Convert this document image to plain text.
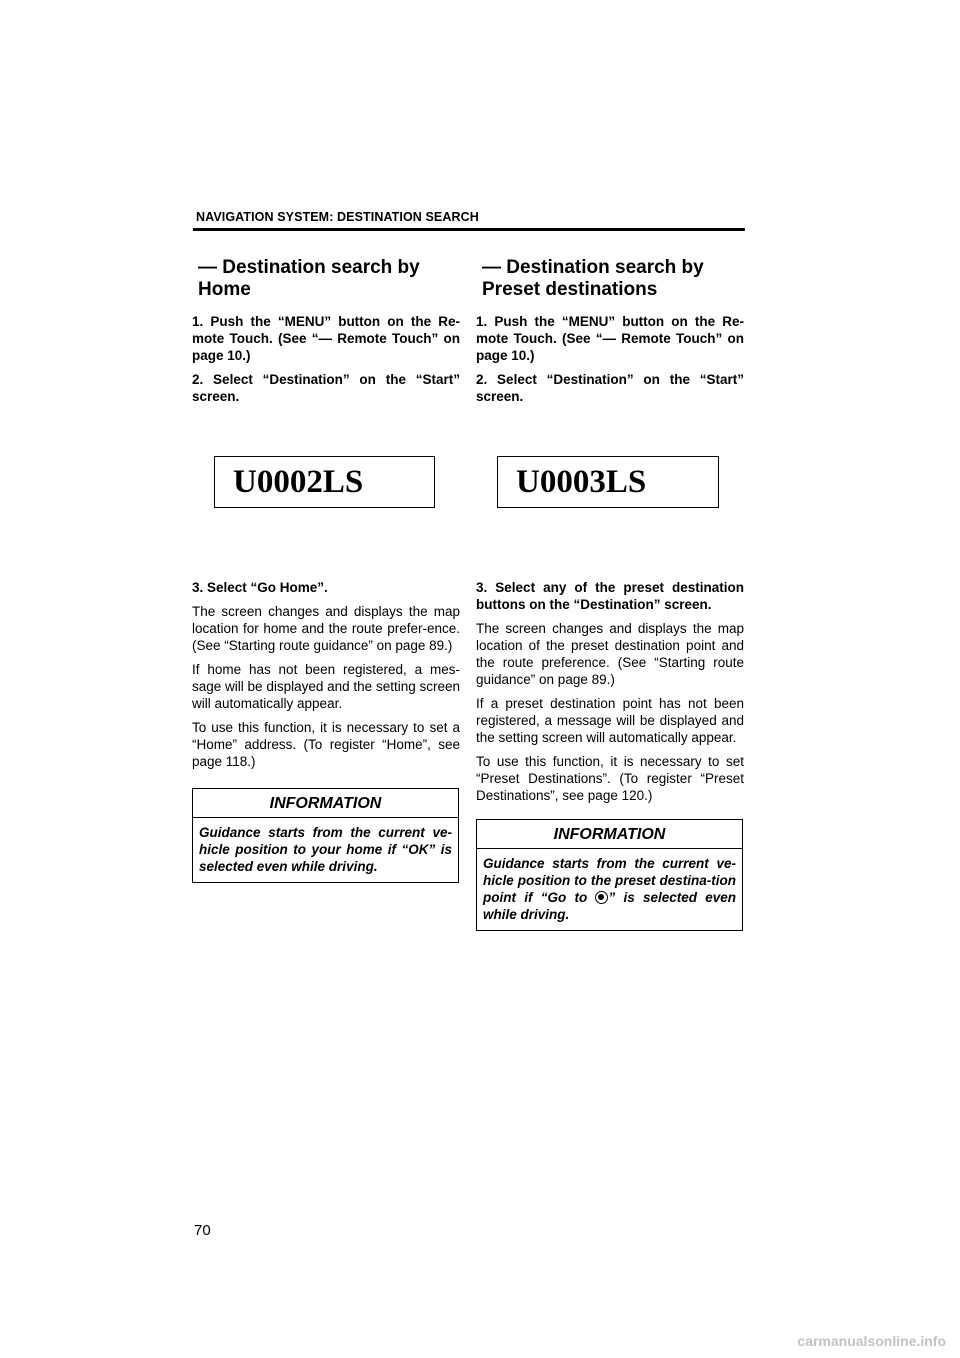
NAVIGATION SYSTEM: DESTINATION SEARCH

— Destination search by

Home

1. Push the “MENU” button on the Re-mote Touch. (See “— Remote Touch” on page 10.)

2. Select “Destination” on the “Start” screen.

U0002LS

3. Select “Go Home”.

The screen changes and displays the map location for home and the route prefer-ence. (See “Starting route guidance” on page 89.)

If home has not been registered, a mes-sage will be displayed and the setting screen will automatically appear.

To use this function, it is necessary to set a “Home” address. (To register “Home”, see page 118.)

INFORMATION
Guidance starts from the current ve-hicle position to your home if “OK” is selected even while driving.

— Destination search by

Preset destinations

1. Push the “MENU” button on the Re-mote Touch. (See “— Remote Touch” on page 10.)

2. Select “Destination” on the “Start” screen.

U0003LS

3. Select any of the preset destination buttons on the “Destination” screen.

The screen changes and displays the map location of the preset destination point and the route preference. (See “Starting route guidance” on page 89.)

If a preset destination point has not been registered, a message will be displayed and the setting screen will automatically appear.

To use this function, it is necessary to set “Preset Destinations”. (To register “Preset Destinations”, see page 120.)

INFORMATION
Guidance starts from the current ve-hicle position to the preset destina-tion point if “Go to ” is selected even while driving.
70
carmanualsonline.info
